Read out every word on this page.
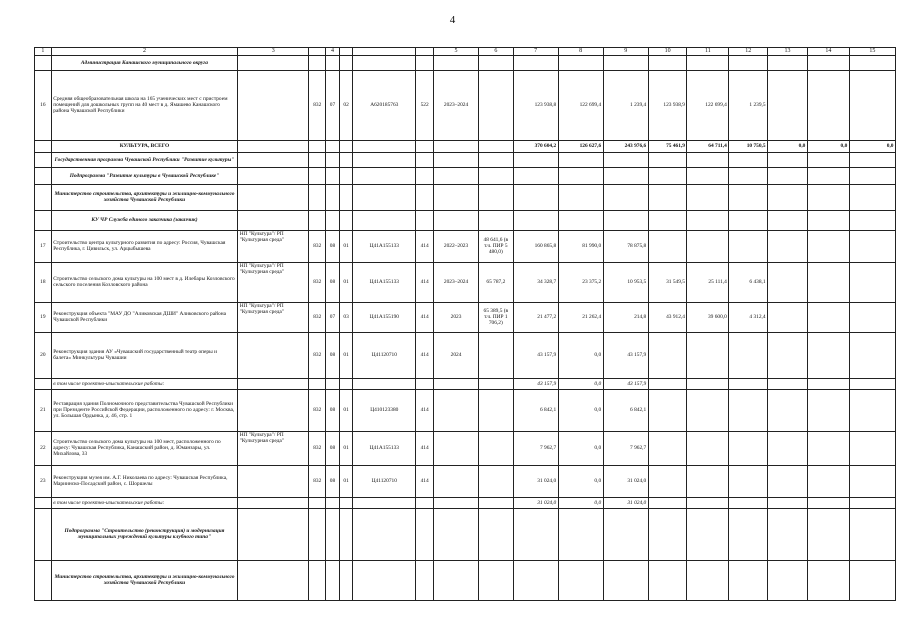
4
1	2	3		4				5	6	7	8	9	10	11	12	13	14	15
	Администрация Канашского муниципального округа																	
16	Средняя общеобразовательная школа на 165 ученических мест с пристроем помещений для дошкольных групп на 40 мест в д. Ямашево Канашского района Чувашской Республики		832	07	02	A620185763	522	2023–2024		123 938,8	122 699,4	1 239,4	123 938,9	122 699,4	1 239,5			
	КУЛЬТУРА, ВСЕГО									370 604,2	126 627,6	243 976,6	75 461,9	64 711,4	10 750,5	0,0	0,0	0,0
	Государственная программа Чувашской Республики "Развитие культуры"																	
	Подпрограмма "Развитие культуры в Чувашской Республике"																	
	Министерство строительства, архитектуры и жилищно-коммунального хозяйства Чувашской Республики																	
	КУ ЧР Служба единого заказчика (заказчик)																	
17	Строительство центра культурного развития по адресу: Россия, Чувашская Республика, г. Цивильск, ул. Арцыбышева	НП "Культура"/ РП "Культурная среда"	832	08	01	Ц41А155133	414	2022–2023	48 641,6 (в т.ч. ПИР 5 480,0)	160 865,8	81 990,0	78 875,8						
18	Строительство сельского дома культуры на 100 мест в д. Илебары Козловского сельского поселения Козловского района	НП "Культура"/ РП "Культурная среда"	832	08	01	Ц41А155133	414	2023–2024	65 787,2	34 328,7	23 375,2	10 953,5	31 549,5	25 111,4	6 438,1			
19	Реконструкция объекта "МАУ ДО "Аликовская ДШИ" Аликовского района Чувашской Республики	НП "Культура"/ РП "Культурная среда"	832	07	03	Ц41А155190	414	2023	65 389,5 (в т.ч. ПИР 1 706,2)	21 477,2	21 262,4	214,8	43 912,4	39 600,0	4 312,4			
20	Реконструкция здания АУ «Чувашский государственный театр оперы и балета» Минкультуры Чувашии		832	08	01	Ц41120710	414	2024		43 157,9	0,0	43 157,9						
	в том числе проектно-изыскательские работы:									43 157,9	0,0	43 157,9						
21	Реставрация здания Полномочного представительства Чувашской Республики при Президенте Российской Федерации, расположенного по адресу: г. Москва, ул. Большая Ордынка, д. 46, стр. 1		832	08	01	Ц410123380	414			6 842,1	0,0	6 842,1						
22	Строительство сельского дома культуры на 100 мест, расположенного по адресу: Чувашская Республика, Канашский район, д. Юманзары, ул. Михайлова, 33	НП "Культура"/ РП "Культурная среда"	832	08	01	Ц41А155133	414			7 962,7	0,0	7 962,7						
23	Реконструкция музея им. А.Г. Николаева по адресу: Чувашская Республика, Мариинско-Посадский район, с. Шоршелы		832	08	01	Ц41120710	414			31 024,0	0,0	31 024,0						
	в том числе проектно-изыскательские работы:									31 024,0	0,0	31 024,0						
	Подпрограмма "Строительство (реконструкция) и модернизация муниципальных учреждений культуры клубного типа"																	
	Министерство строительства, архитектуры и жилищно-коммунального хозяйства Чувашской Республики																	
